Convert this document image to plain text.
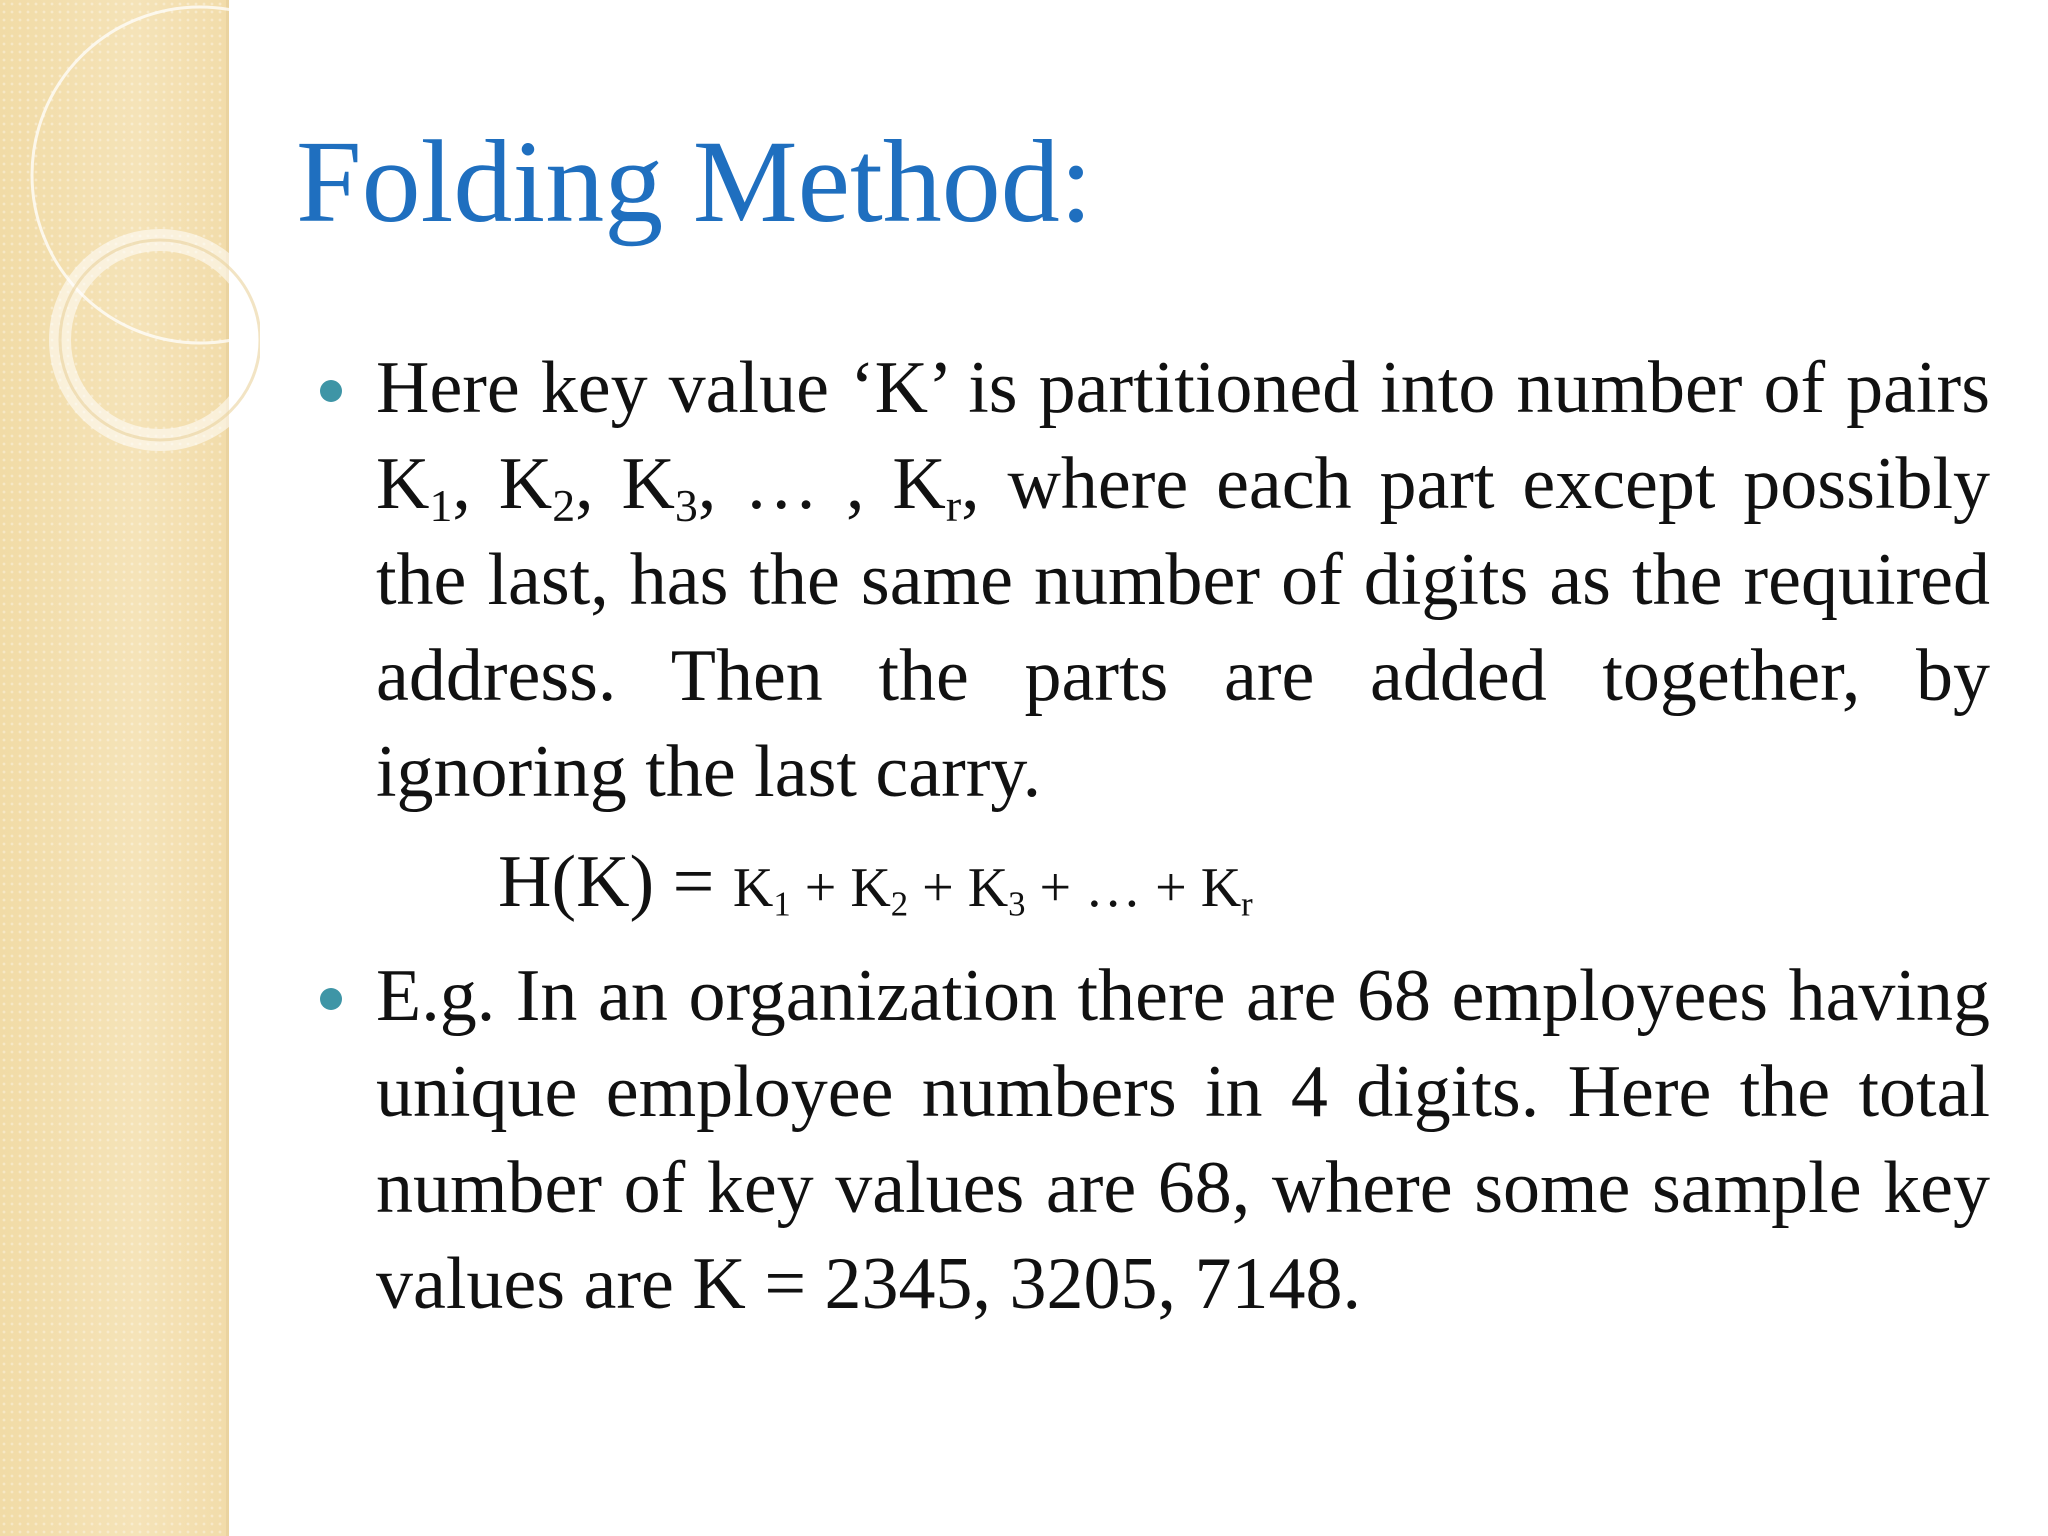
Folding Method:
Here key value ‘K’ is partitioned into number of pairs $K_1$, $K_2$, $K_3$, … , $K_r$, where each part except possibly the last, has the same number of digits as the required address. Then the parts are added together, by ignoring the last carry.
$H(K) = K_1 + K_2 + K_3$ + … + $K_r$
E.g. In an organization there are 68 employees having unique employee numbers in 4 digits. Here the total number of key values are 68, where some sample key values are K = 2345, 3205, 7148.
